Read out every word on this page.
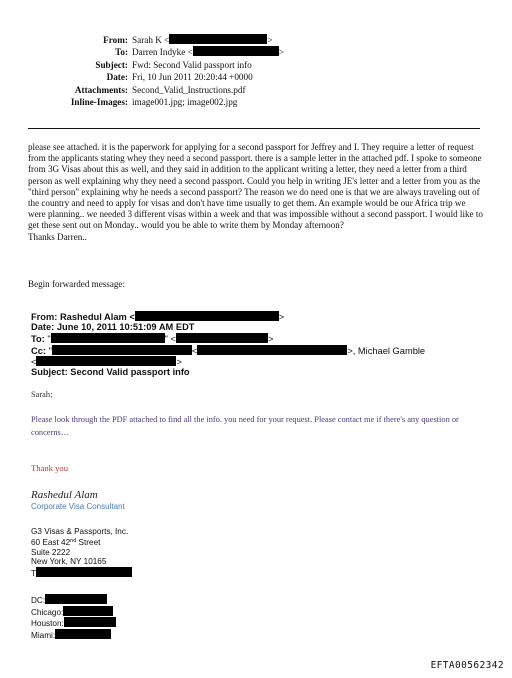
From: Sarah K <	>
To: Darren Indyke <	>
Subject: Fwd: Second Valid passport info
Date: Fri, 10 Jun 2011 20:20:44 +0000
Attachments: Second_Valid_Instructions.pdf
Inline-Images: image001.jpg; image002.jpg

please see attached. it is the paperwork for applying for a second passport for Jeffrey and I. They require a letter of request from the applicants stating whey they need a second passport. there is a sample letter in the attached pdf. I spoke to someone from 3G Visas about this as well, and they said in addition to the applicant writing a letter, they need a letter from a third person as well explaining why they need a second passport. Could you help in writing JE's letter and a letter from you as the "third person" explaining why he needs a second passport? The reason we do need one is that we are always traveling out of the country and need to apply for visas and don't have time usually to get them. An example would be our Africa trip we were planning.. we needed 3 different visas within a week and that was impossible without a second passport. I would like to get these sent out on Monday.. would you be able to write them by Monday afternoon?

Thanks Darren..

Begin forwarded message:
From: Rashedul Alam <	>
Date: June 10, 2011 10:51:09 AM EDT
To: "	" <	>
Cc: "	<	>, Michael Gamble
<	>
Subject: Second Valid passport info
Sarah;
Please look through the PDF attached to find all the info. you need for your request. Please contact me if there's any question or concerns…
Thank you
Rashedul Alam
Corporate Visa Consultant
G3 Visas & Passports, Inc.
60 East 42nd Street
Suite 2222
New York, NY 10165
T
DC:
Chicago:
Houston:
Miami:
EFTA00562342
